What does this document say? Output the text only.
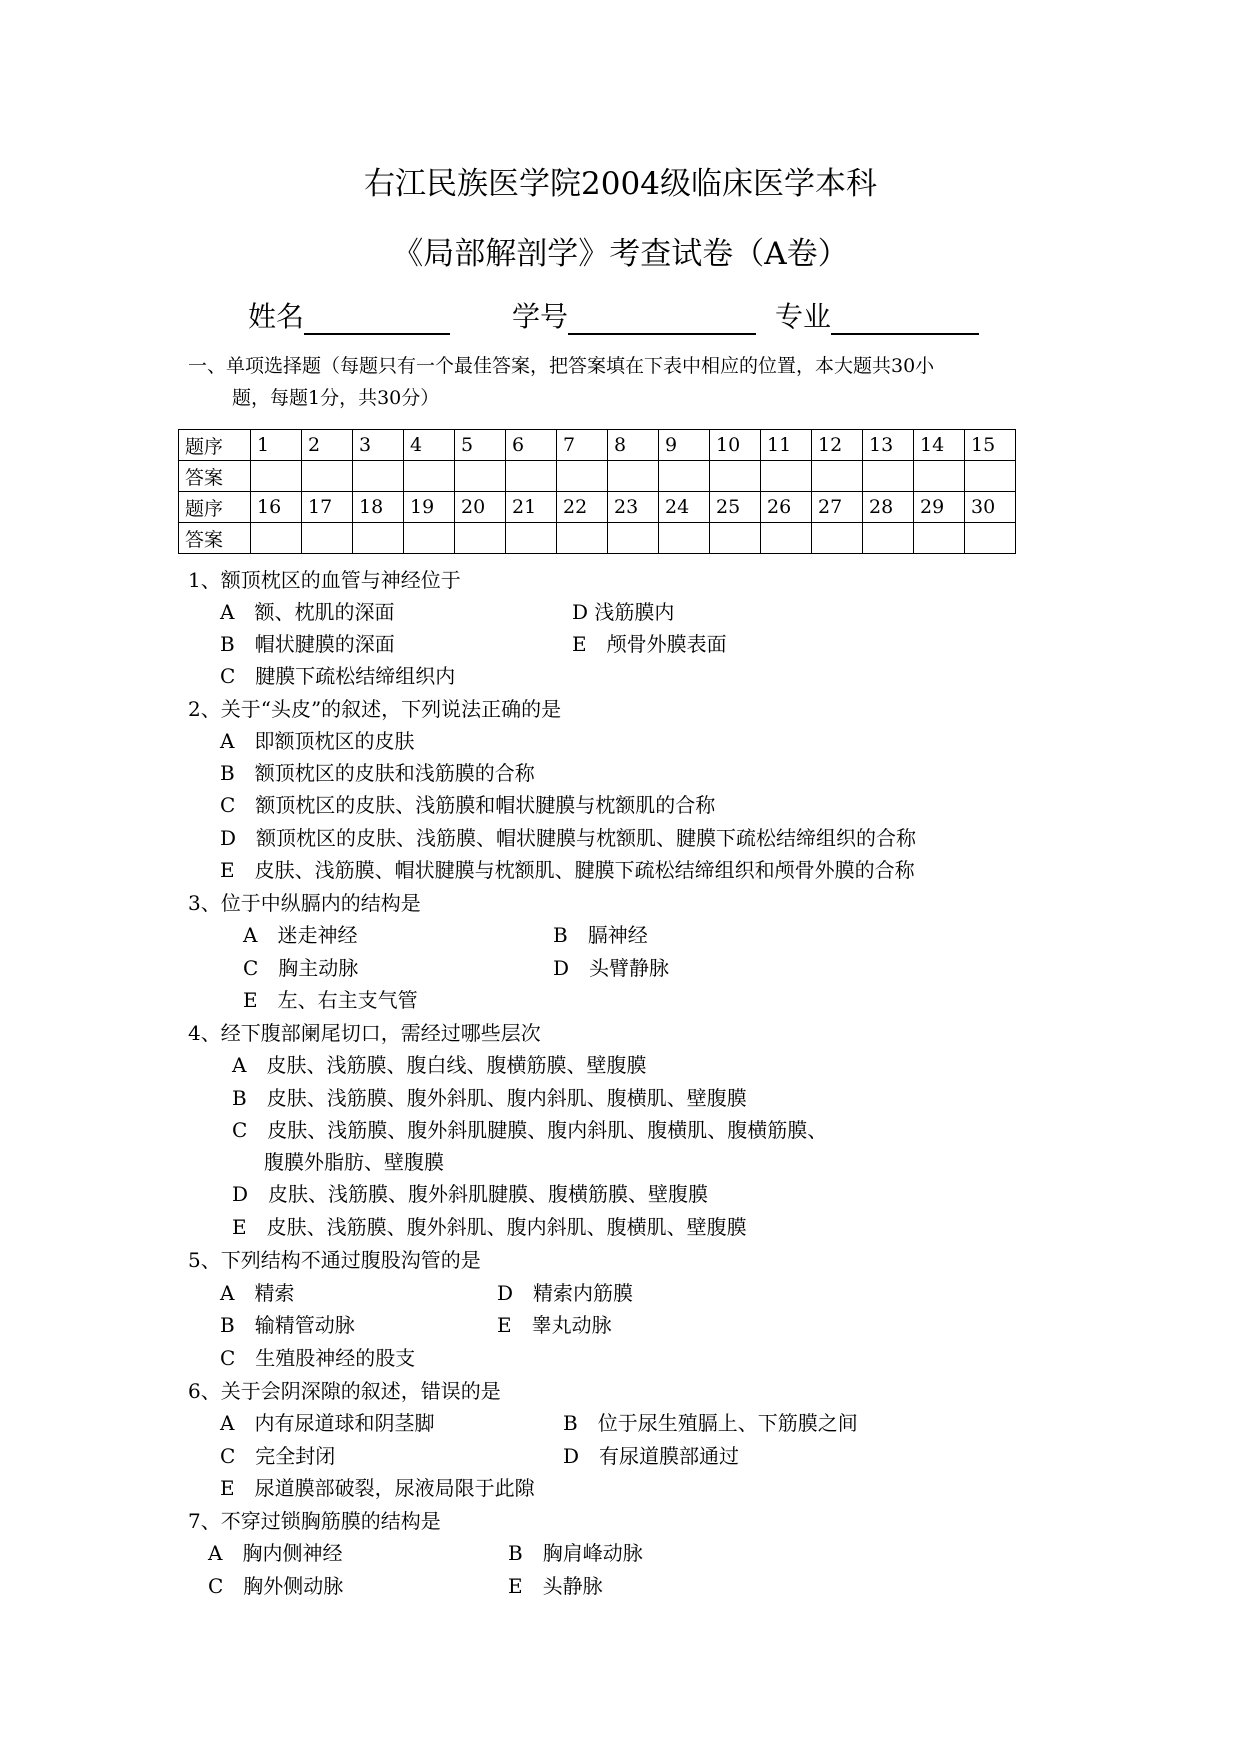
右江民族医学院2004级临床医学本科
《局部解剖学》考查试卷（A卷）
姓名	学号	专业
一、单项选择题（每题只有一个最佳答案，把答案填在下表中相应的位置，本大题共30小
题，每题1分，共30分）
题序	1	2	3	4	5	6	7	8	9	10	11	12	13	14	15
答案															
题序	16	17	18	19	20	21	22	23	24	25	26	27	28	29	30
答案															
1、额顶枕区的血管与神经位于
A　额、枕肌的深面	D 浅筋膜内
B　帽状腱膜的深面	E　颅骨外膜表面
C　腱膜下疏松结缔组织内
2、关于“头皮”的叙述，下列说法正确的是
A　即额顶枕区的皮肤
B　额顶枕区的皮肤和浅筋膜的合称
C　额顶枕区的皮肤、浅筋膜和帽状腱膜与枕额肌的合称
D　额顶枕区的皮肤、浅筋膜、帽状腱膜与枕额肌、腱膜下疏松结缔组织的合称
E　皮肤、浅筋膜、帽状腱膜与枕额肌、腱膜下疏松结缔组织和颅骨外膜的合称
3、位于中纵膈内的结构是
A　迷走神经	B　膈神经
C　胸主动脉	D　头臂静脉
E　左、右主支气管
4、经下腹部阑尾切口，需经过哪些层次
A　皮肤、浅筋膜、腹白线、腹横筋膜、壁腹膜
B　皮肤、浅筋膜、腹外斜肌、腹内斜肌、腹横肌、壁腹膜
C　皮肤、浅筋膜、腹外斜肌腱膜、腹内斜肌、腹横肌、腹横筋膜、
腹膜外脂肪、壁腹膜
D　皮肤、浅筋膜、腹外斜肌腱膜、腹横筋膜、壁腹膜
E　皮肤、浅筋膜、腹外斜肌、腹内斜肌、腹横肌、壁腹膜
5、下列结构不通过腹股沟管的是
A　精索	D　精索内筋膜
B　输精管动脉	E　睾丸动脉
C　生殖股神经的股支
6、关于会阴深隙的叙述，错误的是
A　内有尿道球和阴茎脚	B　位于尿生殖膈上、下筋膜之间
C　完全封闭	D　有尿道膜部通过
E　尿道膜部破裂，尿液局限于此隙
7、不穿过锁胸筋膜的结构是
A　胸内侧神经	B　胸肩峰动脉
C　胸外侧动脉	E　头静脉
